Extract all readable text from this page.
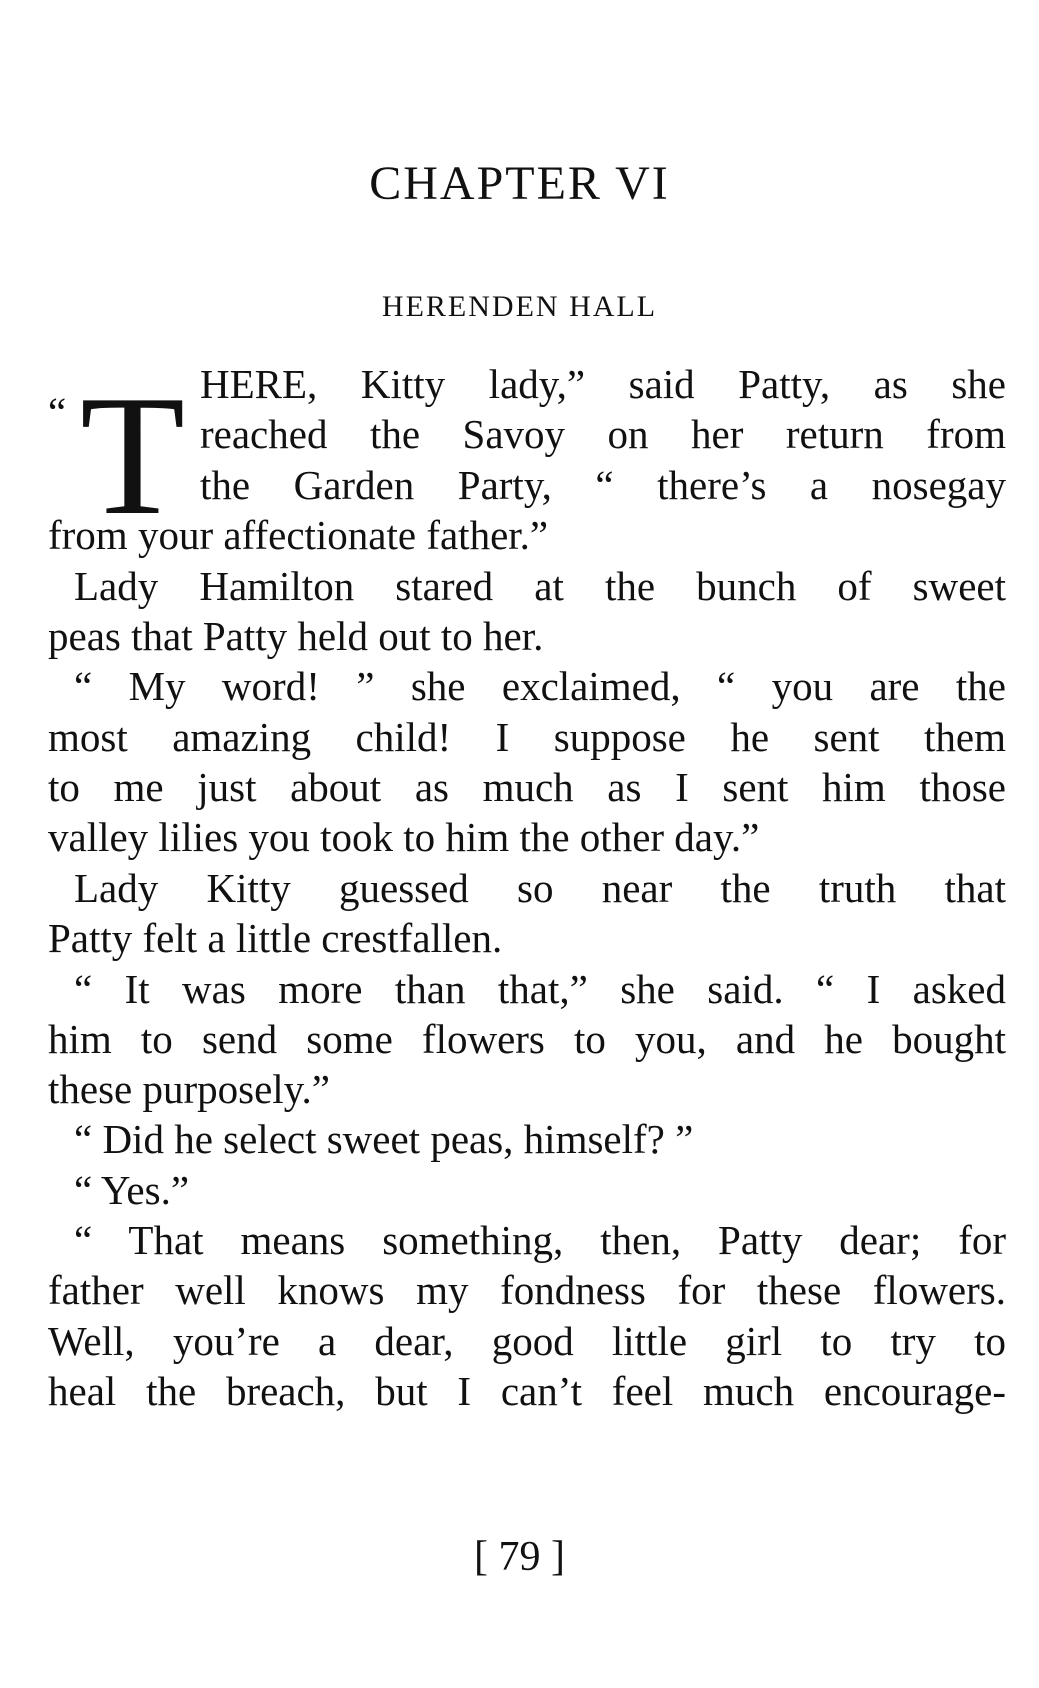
CHAPTER VI
HERENDEN HALL
“ T HERE, Kitty lady,” said Patty, as she
reached the Savoy on her return from
the Garden Party, “ there’s a nosegay
from your affectionate father.”
Lady Hamilton stared at the bunch of sweet
peas that Patty held out to her.
“ My word! ” she exclaimed, “ you are the
most amazing child! I suppose he sent them
to me just about as much as I sent him those
valley lilies you took to him the other day.”
Lady Kitty guessed so near the truth that
Patty felt a little crestfallen.
“ It was more than that,” she said. “ I asked
him to send some flowers to you, and he bought
these purposely.”
“ Did he select sweet peas, himself? ”
“ Yes.”
“ That means something, then, Patty dear; for
father well knows my fondness for these flowers.
Well, you’re a dear, good little girl to try to
heal the breach, but I can’t feel much encourage-
[ 79 ]
